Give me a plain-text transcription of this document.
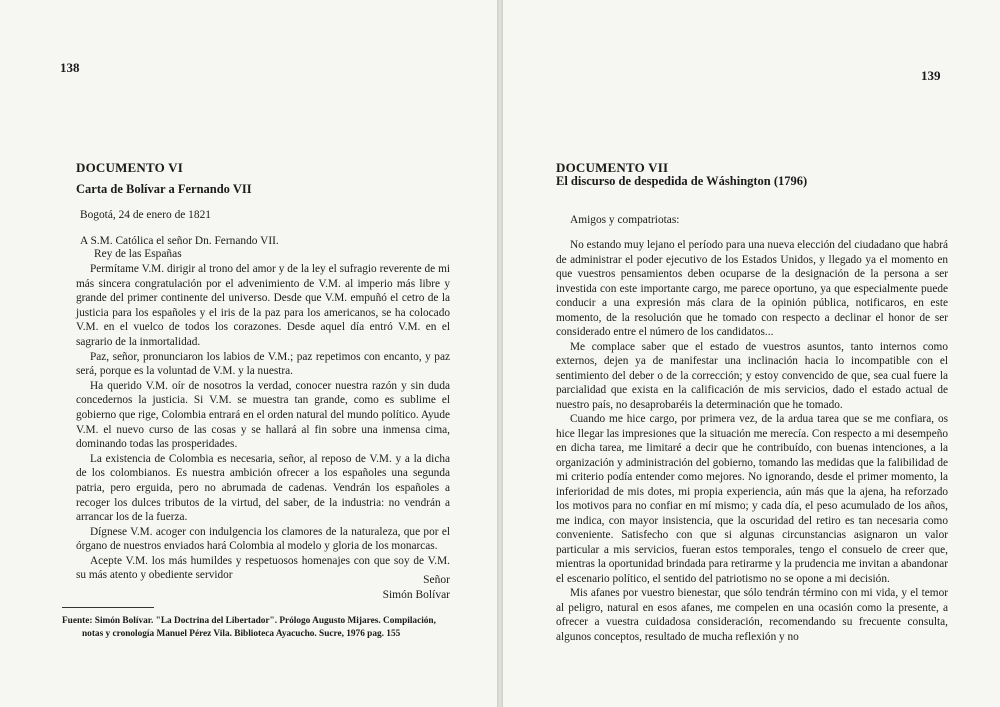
138
DOCUMENTO VI
Carta de Bolívar a Fernando VII
Bogotá, 24 de enero de 1821
A S.M. Católica el señor Dn. Fernando VII.
Rey de las Españas

Permítame V.M. dirigir al trono del amor y de la ley el sufragio reverente de mi más sincera congratulación por el advenimiento de V.M. al imperio más libre y grande del primer continente del universo. Desde que V.M. empuñó el cetro de la justicia para los españoles y el iris de la paz para los americanos, se ha colocado V.M. en el vuelco de todos los corazones. Desde aquel día entró V.M. en el sagrario de la inmortalidad.

Paz, señor, pronunciaron los labios de V.M.; paz repetimos con encanto, y paz será, porque es la voluntad de V.M. y la nuestra.

Ha querido V.M. oír de nosotros la verdad, conocer nuestra razón y sin duda concedernos la justicia. Si V.M. se muestra tan grande, como es sublime el gobierno que rige, Colombia entrará en el orden natural del mundo político. Ayude V.M. el nuevo curso de las cosas y se hallará al fin sobre una inmensa cima, dominando todas las prosperidades.

La existencia de Colombia es necesaria, señor, al reposo de V.M. y a la dicha de los colombianos. Es nuestra ambición ofrecer a los españoles una segunda patria, pero erguida, pero no abrumada de cadenas. Vendrán los españoles a recoger los dulces tributos de la virtud, del saber, de la industria: no vendrán a arrancar los de la fuerza.

Dígnese V.M. acoger con indulgencia los clamores de la naturaleza, que por el órgano de nuestros enviados hará Colombia al modelo y gloria de los monarcas.

Acepte V.M. los más humildes y respetuosos homenajes con que soy de V.M. su más atento y obediente servidor	Señor
Simón Bolívar
Fuente: Simón Bolívar. "La Doctrina del Libertador". Prólogo Augusto Mijares. Compilación,
notas y cronología Manuel Pérez Vila. Biblioteca Ayacucho. Sucre, 1976 pag. 155
139
DOCUMENTO VII
El discurso de despedida de Wáshington (1796)
Amigos y compatriotas:

No estando muy lejano el período para una nueva elección del ciudadano que habrá de administrar el poder ejecutivo de los Estados Unidos, y llegado ya el momento en que vuestros pensamientos deben ocuparse de la designación de la persona a ser investida con este importante cargo, me parece oportuno, ya que especialmente puede conducir a una expresión más clara de la opinión pública, notificaros, en este momento, de la resolución que he tomado con respecto a declinar el honor de ser considerado entre el número de los candidatos...

Me complace saber que el estado de vuestros asuntos, tanto internos como externos, dejen ya de manifestar una inclinación hacia lo incompatible con el sentimiento del deber o de la corrección; y estoy convencido de que, sea cual fuere la parcialidad que exista en la calificación de mis servicios, dado el estado actual de nuestro país, no desaprobaréis la determinación que he tomado.

Cuando me hice cargo, por primera vez, de la ardua tarea que se me confiara, os hice llegar las impresiones que la situación me merecía. Con respecto a mi desempeño en dicha tarea, me limitaré a decir que he contribuído, con buenas intenciones, a la organización y administración del gobierno, tomando las medidas que la falibilidad de mi criterio podía entender como mejores. No ignorando, desde el primer momento, la inferioridad de mis dotes, mi propia experiencia, aún más que la ajena, ha reforzado los motivos para no confiar en mí mismo; y cada día, el peso acumulado de los años, me indica, con mayor insistencia, que la oscuridad del retiro es tan necesaria como conveniente. Satisfecho con que si algunas circunstancias asignaron un valor particular a mis servicios, fueran estos temporales, tengo el consuelo de creer que, mientras la oportunidad brindada para retirarme y la prudencia me invitan a abandonar el escenario político, el sentido del patriotismo no se opone a mi decisión.

Mis afanes por vuestro bienestar, que sólo tendrán término con mi vida, y el temor al peligro, natural en esos afanes, me compelen en una ocasión como la presente, a ofrecer a vuestra cuidadosa consideración, recomendando su frecuente consulta, algunos conceptos, resultado de mucha reflexión y no
